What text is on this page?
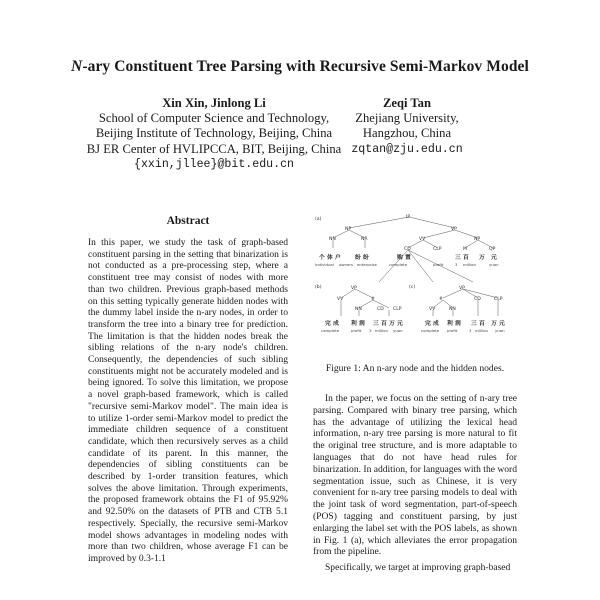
N-ary Constituent Tree Parsing with Recursive Semi-Markov Model
Xin Xin, Jinlong Li
School of Computer Science and Technology,
Beijing Institute of Technology, Beijing, China
BJ ER Center of HVLIPCCA, BIT, Beijing, China
{xxin,jllee}@bit.edu.cn
Zeqi Tan
Zhejiang University,
Hangzhou, China
zqtan@zju.edu.cn
Abstract
In this paper, we study the task of graph-based constituent parsing in the setting that binarization is not conducted as a pre-processing step, where a constituent tree may consist of nodes with more than two children. Previous graph-based methods on this setting typically generate hidden nodes with the dummy label inside the n-ary nodes, in order to transform the tree into a binary tree for prediction. The limitation is that the hidden nodes break the sibling relations of the n-ary node's children. Consequently, the dependencies of such sibling constituents might not be accurately modeled and is being ignored. To solve this limitation, we propose a novel graph-based framework, which is called "recursive semi-Markov model". The main idea is to utilize 1-order semi-Markov model to predict the immediate children sequence of a constituent candidate, which then recursively serves as a child candidate of its parent. In this manner, the dependencies of sibling constituents can be described by 1-order transition features, which solves the above limitation. Through experiments, the proposed framework obtains the F1 of 95.92% and 92.50% on the datasets of PTB and CTB 5.1 respectively. Specially, the recursive semi-Markov model shows advantages in modeling nodes with more than two children, whose average F1 can be improved by 0.3-1.1
(a)
(b)	(c)
IP
NP	VP
NN	NR	VV	NP
CD	CLP	M	QP
个 体 户 纷 纷	购 置	三 百 万 元
individual owners enterprise	complete	profit	3 million	yuan
VP
VV	#
NN	CD CLP
完 成 利 润 三 百 万 元
complete	profit 3 million yuan
VP
#
VV	NN
CD	CLP
完 成 利 润 三 百 万 元
complete profit	3 million yuan
Figure 1: An n-ary node and the hidden nodes.

In the paper, we focus on the setting of n-ary tree parsing. Compared with binary tree parsing, which has the advantage of utilizing the lexical head information, n-ary tree parsing is more natural to fit the original tree structure, and is more adaptable to languages that do not have head rules for binarization. In addition, for languages with the word segmentation issue, such as Chinese, it is very convenient for n-ary tree parsing models to deal with the joint task of word segmentation, part-of-speech (POS) tagging and constituent parsing, by just enlarging the label set with the POS labels, as shown in Fig. 1 (a), which alleviates the error propagation from the pipeline.

Specifically, we target at improving graph-based
